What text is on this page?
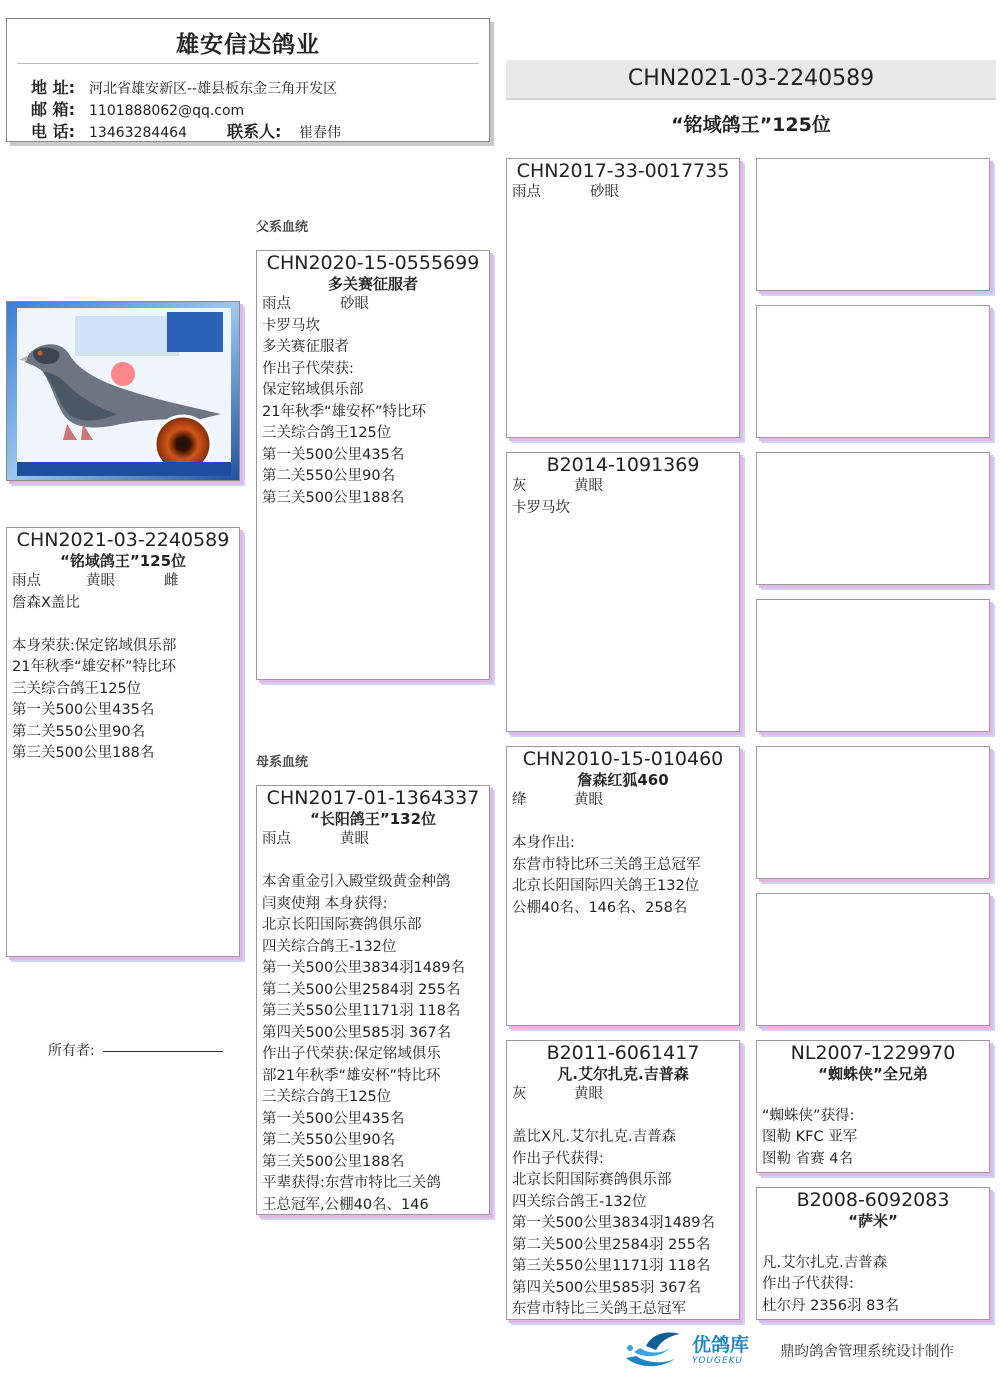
雄安信达鸽业
地 址: 河北省雄安新区--雄县板东金三角开发区
邮 箱: 1101888062@qq.com
电 话: 13463284464	联系人: 崔春伟
CHN2021-03-2240589
“铭域鸽王”125位
父系血统
母系血统
CHN2021-03-2240589
“铭域鸽王”125位
雨点	黄眼	雌
詹森X盖比
本身荣获:保定铭域俱乐部
21年秋季“雄安杯”特比环
三关综合鸽王125位
第一关500公里435名
第二关550公里90名
第三关500公里188名
所有者:
CHN2020-15-0555699
多关赛征服者
雨点	砂眼
卡罗马坎
多关赛征服者
作出子代荣获:
保定铭域俱乐部
21年秋季“雄安杯”特比环
三关综合鸽王125位
第一关500公里435名
第二关550公里90名
第三关500公里188名
CHN2017-01-1364337
“长阳鸽王”132位
雨点	黄眼
本舍重金引入殿堂级黄金种鸽
闫爽使翔 本身获得:
北京长阳国际赛鸽俱乐部
四关综合鸽王-132位
第一关500公里3834羽1489名
第二关500公里2584羽 255名
第三关550公里1171羽 118名
第四关500公里585羽 367名
作出子代荣获:保定铭域俱乐
部21年秋季“雄安杯”特比环
三关综合鸽王125位
第一关500公里435名
第二关550公里90名
第三关500公里188名
平辈获得:东营市特比三关鸽
王总冠军,公棚40名、146
CHN2017-33-0017735
雨点	砂眼
B2014-1091369
灰	黄眼
卡罗马坎
CHN2010-15-010460
詹森红狐460
绛	黄眼
本身作出:
东营市特比环三关鸽王总冠军
北京长阳国际四关鸽王132位
公棚40名、146名、258名
B2011-6061417
凡.艾尔扎克.吉普森
灰	黄眼
盖比X凡.艾尔扎克.吉普森
作出子代获得:
北京长阳国际赛鸽俱乐部
四关综合鸽王-132位
第一关500公里3834羽1489名
第二关500公里2584羽 255名
第三关550公里1171羽 118名
第四关500公里585羽 367名
东营市特比三关鸽王总冠军
NL2007-1229970
“蜘蛛侠”全兄弟
“蜘蛛侠”获得:
图勒 KFC 亚军
图勒 省赛 4名
B2008-6092083
“萨米”
凡.艾尔扎克.吉普森
作出子代获得:
杜尔丹 2356羽 83名
优鸽库
YOUGEKU
鼎昀鸽舍管理系统设计制作
